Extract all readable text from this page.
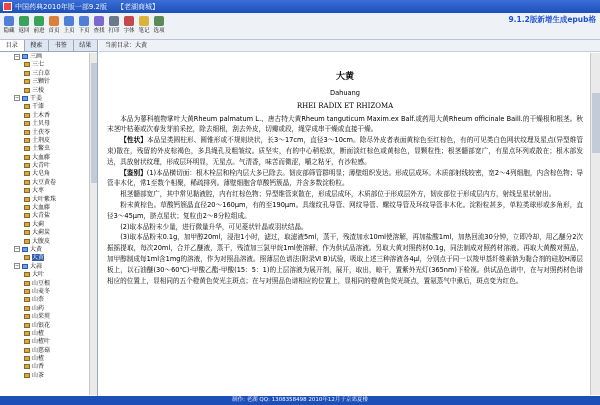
中国药典2010年版一部9.2版 【老湖商城】
隐藏 返回 前进 首页 上页 下页 查找 打印 字体 笔记 选项
9.1.2版新增生成epub格
目录	搜索	书签	结果
− 三画
三七
三白草
三颗针
三棱
− 干姜
干漆
土木香
土贝母
土茯苓
土荆皮
土鳖虫
大血藤
大青叶
大皂角
大豆黄卷
大枣
大叶紫珠
大血藤
大青盐
大蓟
大蓟炭
大腹皮
− 大黄
大黄
− 大蒜
大叶
山豆根
山麦冬
山柰
山药
山茱萸
山银花
山楂
山楂叶
山慈菇
山楂
山香
山茶
当前目录：大黄
大黄
Dahuang
RHEI RADIX ET RHIZOMA

本品为蓼科植物掌叶大黄Rheum palmatum L.、唐古特大黄Rheum tanguticum Maxim.ex Balf.或药用大黄Rheum officinale Baill.的干燥根和根茎。秋末茎叶枯萎或次春发芽前采挖，除去细根，刮去外皮，切瓣或段，绳穿成串干燥或直接干燥。

【性状】本品呈类圆柱形、圆锥形或不规则块状，长3～17cm，直径3～10cm。除尽外皮者表面黄棕色至红棕色，有的可见类白色网状纹理及星点(异型维管束)散在，残留的外皮棕褐色，多具绳孔及粗皱纹。质坚实，有的中心稍松软，断面淡红棕色或黄棕色，显颗粒性；根茎髓部宽广，有星点环列或散在；根木部发达，具放射状纹理，形成层环明显，无星点。气清香，味苦而微涩，嚼之粘牙，有沙粒感。

【鉴别】(1)本品横切面：根木栓层和栓内层大多已除去。韧皮部筛管群明显；薄壁组织发达。形成层成环。木质部射线较密，宽2～4列细胞，内含棕色物；导管非木化，常1至数个相聚，稀疏排列。薄壁细胞含草酸钙簇晶，并含多数淀粉粒。

根茎髓部宽广，其中常见黏液腔，内有红棕色物；异型维管束散在，形成层成环，木质部位于形成层外方，韧皮部位于形成层内方，射线呈星状射出。

粉末黄棕色。草酸钙簇晶直径20～160μm，有的至190μm。具缘纹孔导管、网纹导管、螺纹导管及环纹导管非木化。淀粉粒甚多，单粒类球形或多角形，直径3～45μm，脐点星状；复粒由2～8分粒组成。

(2)取本品粉末少量，进行微量升华，可见菱状针晶或羽状结晶。

(3)取本品粉末0.1g，加甲醇20ml，浸泡1小时，滤过，取滤液5ml，蒸干，残渣加水10ml使溶解，再加盐酸1ml，加热回流30分钟，立即冷却，用乙醚分2次振摇提取，每次20ml，合并乙醚液，蒸干，残渣加三氯甲烷1ml使溶解，作为供试品溶液。另取大黄对照药材0.1g，同法制成对照药材溶液。再取大黄酸对照品，加甲醇制成每1ml含1mg的溶液，作为对照品溶液。照薄层色谱法(附录Ⅵ B)试验，吸取上述三种溶液各4μl，分别点于同一以羧甲基纤维素钠为黏合剂的硅胶H薄层板上，以石油醚(30～60℃)-甲酸乙酯-甲酸(15：5：1)的上层溶液为展开剂，展开，取出，晾干，置紫外光灯(365nm)下检视。供试品色谱中，在与对照药材色谱相应的位置上，显相同的五个橙黄色荧光主斑点；在与对照品色谱相应的位置上，显相同的橙黄色荧光斑点，置氨蒸气中熏后，斑点变为红色。

制作: 老湖 QQ: 1308358498 2010年12月于京郊夏楼
